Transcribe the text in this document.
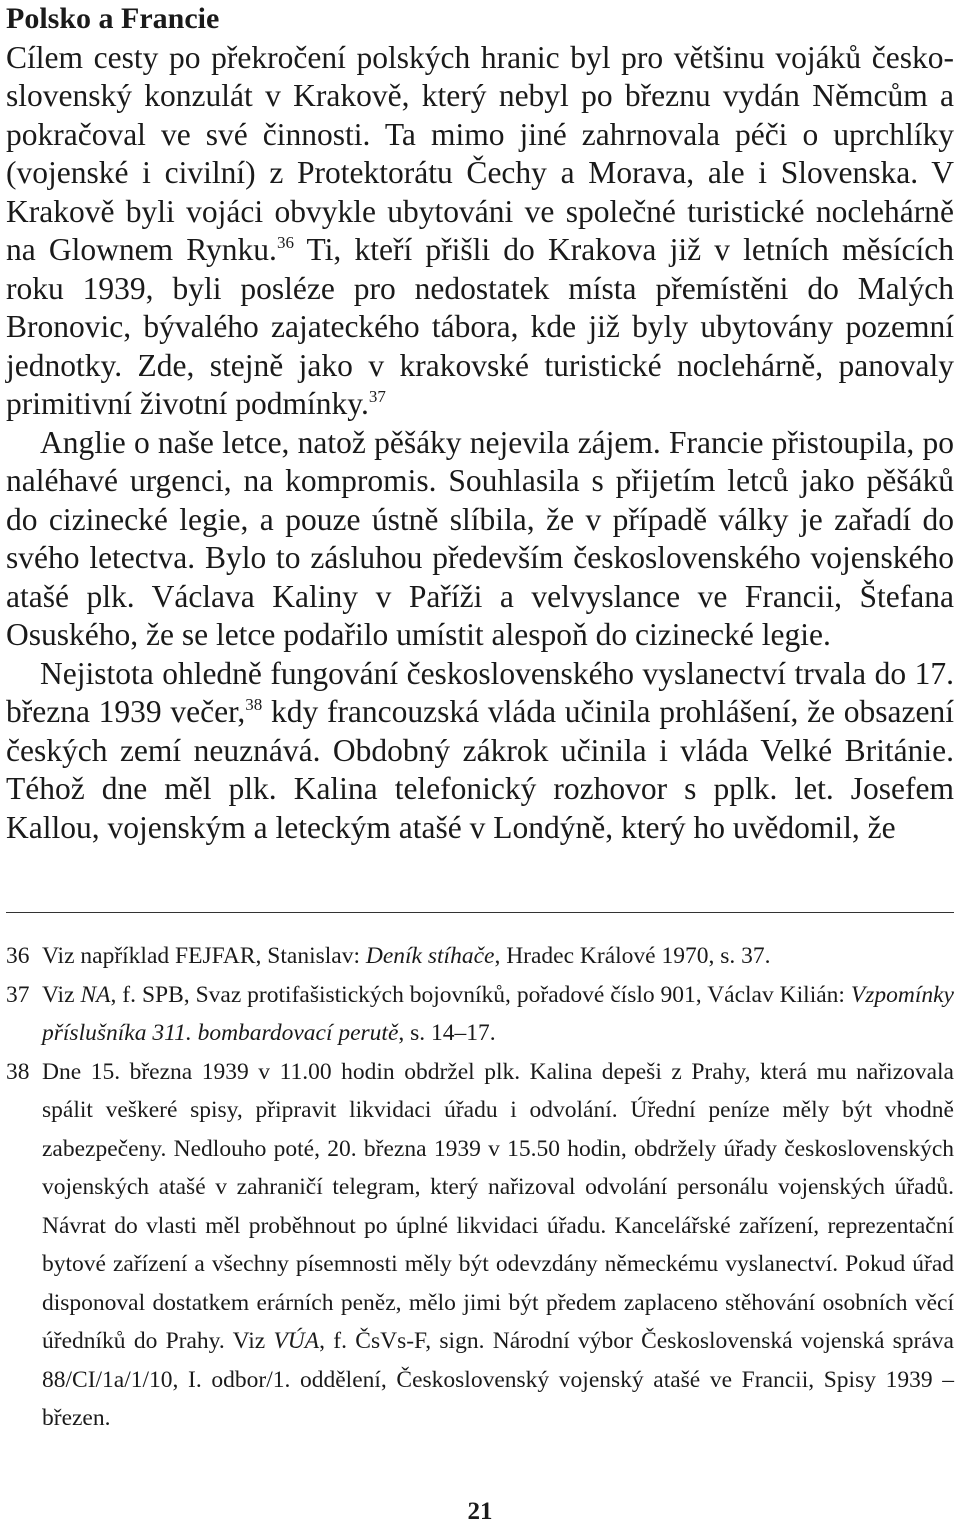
Polsko a Francie

Cílem cesty po překročení polských hranic byl pro většinu vojáků československý konzulát v Krakově, který nebyl po březnu vydán Němcům a pokračoval ve své činnosti. Ta mimo jiné zahrnovala péči o uprchlíky (vojenské i civilní) z Protektorátu Čechy a Morava, ale i Slovenska. V Krakově byli vojáci obvykle ubytováni ve společné turistické noclehárně na Glownem Rynku.$^{36}$ Ti, kteří přišli do Krakova již v letních měsících roku 1939, byli posléze pro nedostatek místa přemístěni do Malých Bronovic, bývalého zajateckého tábora, kde již byly ubytovány pozemní jednotky. Zde, stejně jako v krakovské turistické noclehárně, panovaly primitivní životní podmínky.$^{37}$

Anglie o naše letce, natož pěšáky nejevila zájem. Francie přistoupila, po naléhavé urgenci, na kompromis. Souhlasila s přijetím letců jako pěšáků do cizinecké legie, a pouze ústně slíbila, že v případě války je zařadí do svého letectva. Bylo to zásluhou především československého vojenského atašé plk. Václava Kaliny v Paříži a velvyslance ve Francii, Štefana Osuského, že se letce podařilo umístit alespoň do cizinecké legie.

Nejistota ohledně fungování československého vyslanectví trvala do 17. března 1939 večer,$^{38}$ kdy francouzská vláda učinila prohlášení, že obsazení českých zemí neuznává. Obdobný zákrok učinila i vláda Velké Británie. Téhož dne měl plk. Kalina telefonický rozhovor s pplk. let. Josefem Kallou, vojenským a leteckým atašé v Londýně, který ho uvědomil, že

36 Viz například FEJFAR, Stanislav: Deník stíhače, Hradec Králové 1970, s. 37.
37 Viz NA, f. SPB, Svaz protifašistických bojovníků, pořadové číslo 901, Václav Kilián: Vzpomínky příslušníka 311. bombardovací perutě, s. 14–17.
38 Dne 15. března 1939 v 11.00 hodin obdržel plk. Kalina depeši z Prahy, která mu nařizovala spálit veškeré spisy, připravit likvidaci úřadu i odvolání. Úřední peníze měly být vhodně zabezpečeny. Nedlouho poté, 20. března 1939 v 15.50 hodin, obdržely úřady československých vojenských atašé v zahraničí telegram, který nařizoval odvolání personálu vojenských úřadů. Návrat do vlasti měl proběhnout po úplné likvidaci úřadu. Kancelářské zařízení, reprezentační bytové zařízení a všechny písemnosti měly být odevzdány německému vyslanectví. Pokud úřad disponoval dostatkem erárních peněz, mělo jimi být předem zaplaceno stěhování osobních věcí úředníků do Prahy. Viz VÚA, f. ČsVs-F, sign. Národní výbor Československá vojenská správa 88/CI/1a/1/10, I. odbor/1. oddělení, Československý vojenský atašé ve Francii, Spisy 1939 – březen.
21
